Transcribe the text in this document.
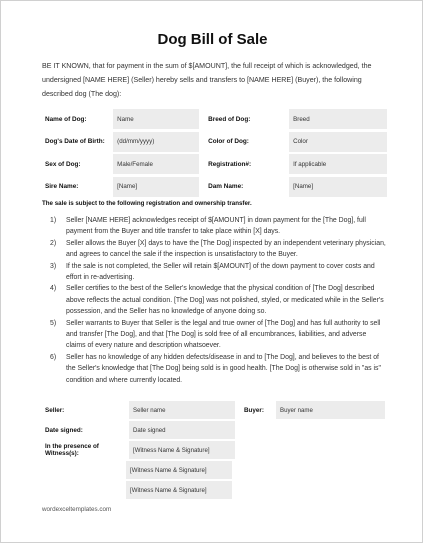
Dog Bill of Sale
BE IT KNOWN, that for payment in the sum of $[AMOUNT], the full receipt of which is acknowledged, the undersigned [NAME HERE] (Seller) hereby sells and transfers to [NAME HERE] (Buyer), the following described dog (The dog):
Name of Dog:	Name	Breed of Dog:	Breed
Dog's Date of Birth:	(dd/mm/yyyy)	Color of Dog:	Color
Sex of Dog:	Male/Female	Registration#:	If applicable
Sire Name:	[Name]	Dam Name:	[Name]
The sale is subject to the following registration and ownership transfer.
1) Seller [NAME HERE] acknowledges receipt of $[AMOUNT] in down payment for the [The Dog], full payment from the Buyer and title transfer to take place within [X] days.
2) Seller allows the Buyer [X] days to have the [The Dog] inspected by an independent veterinary physician, and agrees to cancel the sale if the inspection is unsatisfactory to the Buyer.
3) If the sale is not completed, the Seller will retain $[AMOUNT] of the down payment to cover costs and effort in re-advertising.
4) Seller certifies to the best of the Seller's knowledge that the physical condition of [The Dog] described above reflects the actual condition. [The Dog] was not polished, styled, or medicated while in the Seller's possession, and the Seller has no knowledge of anyone doing so.
5) Seller warrants to Buyer that Seller is the legal and true owner of [The Dog] and has full authority to sell and transfer [The Dog], and that [The Dog] is sold free of all encumbrances, liabilities, and adverse claims of every nature and description whatsoever.
6) Seller has no knowledge of any hidden defects/disease in and to [The Dog], and believes to the best of the Seller's knowledge that [The Dog] being sold is in good health. [The Dog] is otherwise sold in "as is" condition and where currently located.
Seller:	Seller name	Buyer:	Buyer name
Date signed:	Date signed
In the presence of Witness(s):	[Witness Name & Signature]
[Witness Name & Signature]
[Witness Name & Signature]
wordexceltemplates.com
